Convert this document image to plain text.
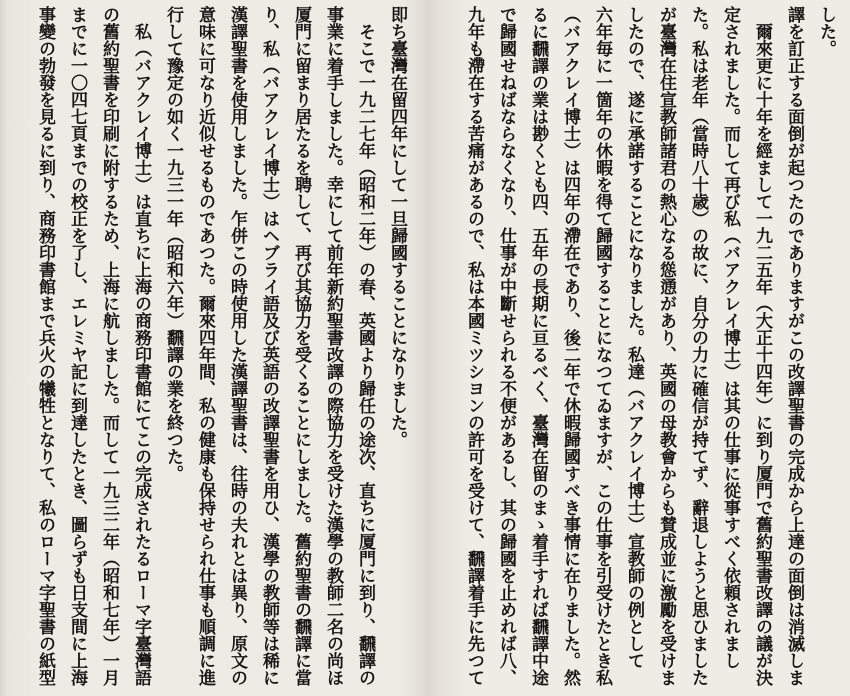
した。
譯を訂正する面倒が起つたのでありますがこの改譯聖書の完成から上達の面倒は消滅しま
爾來更に十年を經まして一九二五年（大正十四年）に到り厦門で舊約聖書改譯の議が決
定されました。而して再び私（バアクレイ博士）は其の仕事に從事すべく依頼されまし
た。私は老年（當時八十歳）の故に、自分の力に確信が持てず、辭退しようと思ひました
が臺灣在住宣教師諸君の熱心なる慫慂があり、英國の母教會からも賛成並に激勵を受けま
したので、遂に承諾することになりました。私達（バアクレイ博士）宣教師の例として
六年毎に一箇年の休暇を得て歸國することになつてゐますが、この仕事を引受けたとき私
（バアクレイ博士）は四年の滯在であり、後二年で休暇歸國すべき事情に在りました。然
るに飜譯の業は尠くとも四、五年の長期に亘るべく、臺灣在留のまゝ着手すれば飜譯中途
で歸國せねばならなくなり、仕事が中斷せられる不便があるし、其の歸國を止めれば八、
九年も滯在する苦痛があるので、私は本國ミツシヨンの許可を受けて、飜譯着手に先つて
即ち臺灣在留四年にして一旦歸國することになりました。
そこで一九二七年（昭和二年）の春、英國より歸任の途次、直ちに厦門に到り、飜譯の
事業に着手しました。幸にして前年新約聖書改譯の際協力を受けた漢學の教師二名の尚ほ
厦門に留まり居たるを聘して、再び其協力を受くることにしました。舊約聖書の飜譯に當
り、私（バアクレイ博士）はヘブライ語及び英語の改譯聖書を用ひ、漢學の教師等は稀に
漢譯聖書を使用しました。乍併この時使用した漢譯聖書は、往時の夫れとは異り、原文の
意味に可なり近似せるものであつた。爾來四年間、私の健康も保持せられ仕事も順調に進
行して豫定の如く一九三一年（昭和六年）飜譯の業を終つた。
私（バアクレイ博士）は直ちに上海の商務印書館にてこの完成されたるローマ字臺灣語
の舊約聖書を印刷に附するため、上海に航しました。而して一九三二年（昭和七年）一月
までに一〇四七頁までの校正を了し、エレミヤ記に到達したとき、圖らずも日支間に上海
事變の勃發を見るに到り、商務印書館まで兵火の犧牲となりて、私のローマ字聖書の紙型
